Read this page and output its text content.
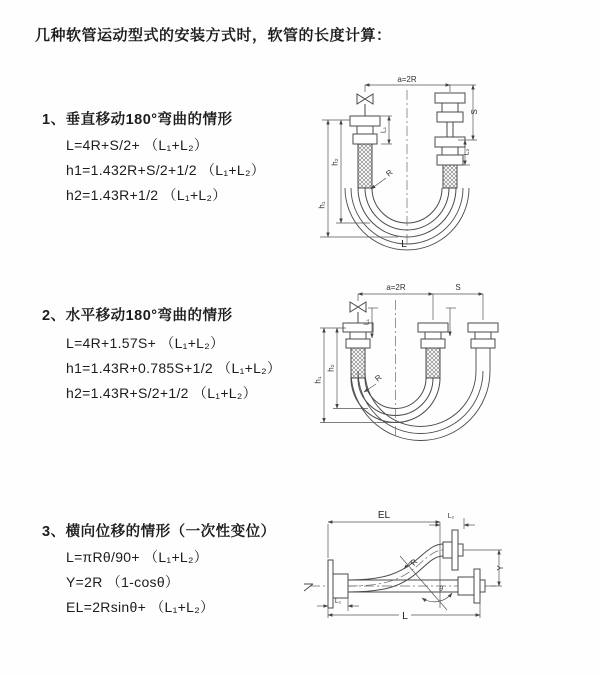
几种软管运动型式的安装方式时，软管的长度计算：
1、垂直移动180°弯曲的情形
L=4R+S/2+ （L₁+L₂）
h1=1.432R+S/2+1/2 （L₁+L₂）
h2=1.43R+1/2 （L₁+L₂）
2、水平移动180°弯曲的情形
L=4R+1.57S+ （L₁+L₂）
h1=1.43R+0.785S+1/2 （L₁+L₂）
h2=1.43R+S/2+1/2 （L₁+L₂）
3、横向位移的情形（一次性变位）
L=πRθ/90+ （L₁+L₂）
Y=2R （1-cosθ）
EL=2Rsinθ+ （L₁+L₂）
a=2R
h₁
h₂
L₁
S
L₂
R
L
a=2R	S
h₁
h₂
L₁
R
EL	L₂
Y
θ
R
L₁
L
